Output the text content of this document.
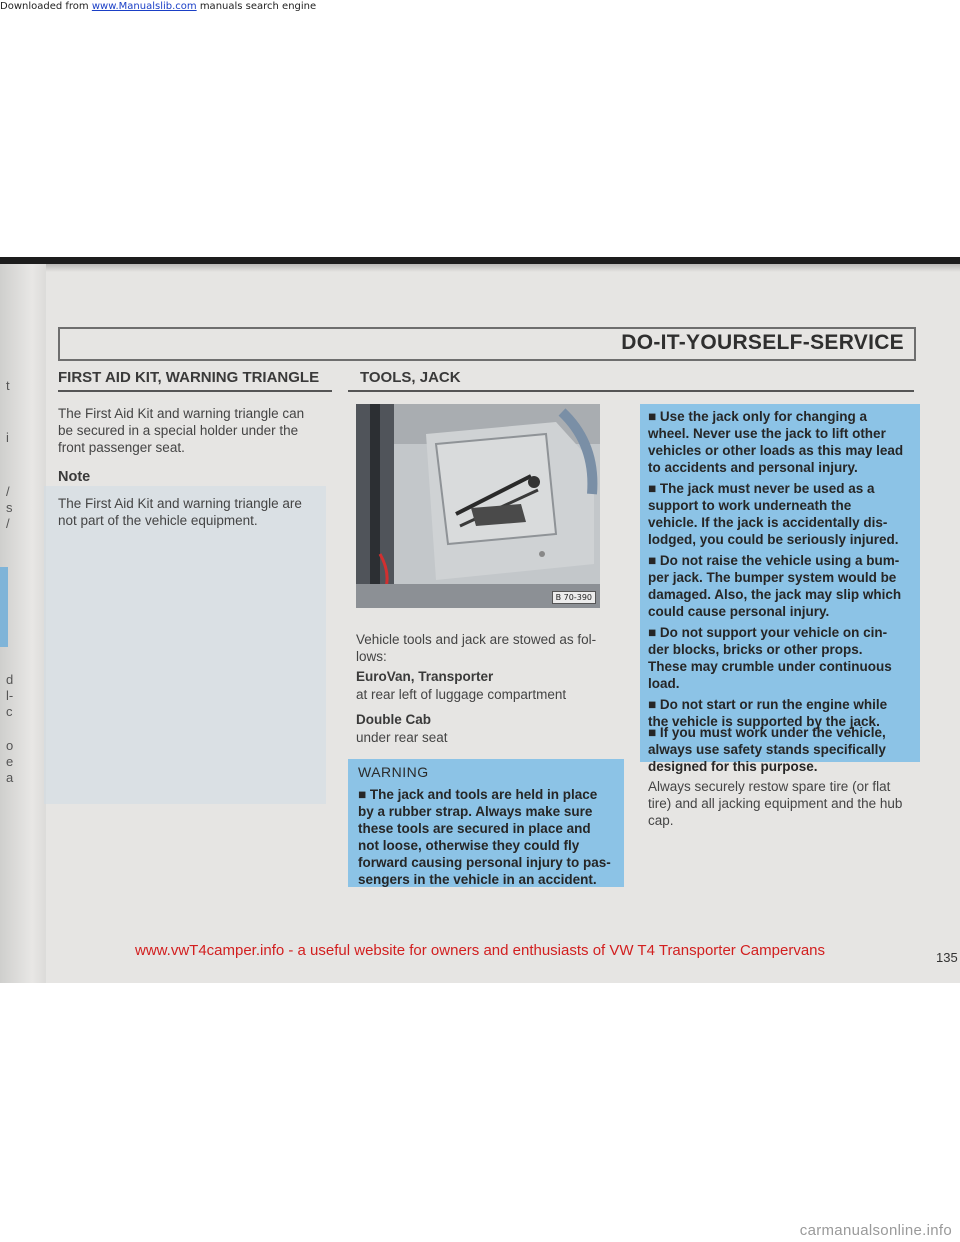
Downloaded from www.Manualslib.com manuals search engine
t
i
/
s
/
d
l-
c
o
e
a
DO-IT-YOURSELF-SERVICE
FIRST AID KIT, WARNING TRIANGLE	TOOLS, JACK
The First Aid Kit and warning triangle can
be secured in a special holder under the
front passenger seat.
Note
The First Aid Kit and warning triangle are
not part of the vehicle equipment.
B 70-390
Vehicle tools and jack are stowed as fol-
lows:
EuroVan, Transporter
at rear left of luggage compartment
Double Cab
under rear seat
WARNING
■ The jack and tools are held in place
by a rubber strap. Always make sure
these tools are secured in place and
not loose, otherwise they could fly
forward causing personal injury to pas-
sengers in the vehicle in an accident.
■ Use the jack only for changing a
wheel. Never use the jack to lift other
vehicles or other loads as this may lead
to accidents and personal injury.
■ The jack must never be used as a
support to work underneath the
vehicle. If the jack is accidentally dis-
lodged, you could be seriously injured.
■ Do not raise the vehicle using a bum-
per jack. The bumper system would be
damaged. Also, the jack may slip which
could cause personal injury.
■ Do not support your vehicle on cin-
der blocks, bricks or other props.
These may crumble under continuous
load.
■ Do not start or run the engine while
the vehicle is supported by the jack.
■ If you must work under the vehicle,
always use safety stands specifically
designed for this purpose.
Always securely restow spare tire (or flat
tire) and all jacking equipment and the hub
cap.
135
www.vwT4camper.info - a useful website for owners and enthusiasts of VW T4 Transporter Campervans
carmanualsonline.info
